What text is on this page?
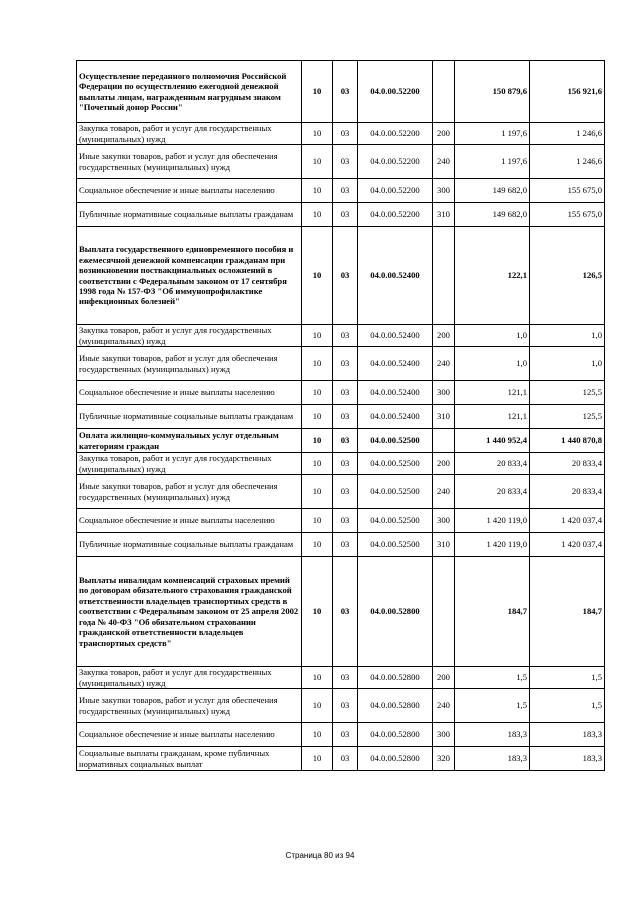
Осуществление переданного полномочия Российской Федерации по осуществлению ежегодной денежной выплаты лицам, награжденным нагрудным знаком "Почетный донор России"	10	03	04.0.00.52200		150 879,6	156 921,6
Закупка товаров, работ и услуг для государственных (муниципальных) нужд	10	03	04.0.00.52200	200	1 197,6	1 246,6
Иные закупки товаров, работ и услуг для обеспечения государственных (муниципальных) нужд	10	03	04.0.00.52200	240	1 197,6	1 246,6
Социальное обеспечение и иные выплаты населению	10	03	04.0.00.52200	300	149 682,0	155 675,0
Публичные нормативные социальные выплаты гражданам	10	03	04.0.00.52200	310	149 682,0	155 675,0
Выплата государственного единовременного пособия и ежемесячной денежной компенсации гражданам при возникновении поствакцинальных осложнений в соответствии с Федеральным законом от 17 сентября 1998 года № 157-ФЗ "Об иммунопрофилактике инфекционных болезней"	10	03	04.0.00.52400		122,1	126,5
Закупка товаров, работ и услуг для государственных (муниципальных) нужд	10	03	04.0.00.52400	200	1,0	1,0
Иные закупки товаров, работ и услуг для обеспечения государственных (муниципальных) нужд	10	03	04.0.00.52400	240	1,0	1,0
Социальное обеспечение и иные выплаты населению	10	03	04.0.00.52400	300	121,1	125,5
Публичные нормативные социальные выплаты гражданам	10	03	04.0.00.52400	310	121,1	125,5
Оплата жилищно-коммунальных услуг отдельным категориям граждан	10	03	04.0.00.52500		1 440 952,4	1 440 870,8
Закупка товаров, работ и услуг для государственных (муниципальных) нужд	10	03	04.0.00.52500	200	20 833,4	20 833,4
Иные закупки товаров, работ и услуг для обеспечения государственных (муниципальных) нужд	10	03	04.0.00.52500	240	20 833,4	20 833,4
Социальное обеспечение и иные выплаты населению	10	03	04.0.00.52500	300	1 420 119,0	1 420 037,4
Публичные нормативные социальные выплаты гражданам	10	03	04.0.00.52500	310	1 420 119,0	1 420 037,4
Выплаты инвалидам компенсаций страховых премий по договорам обязательного страхования гражданской ответственности владельцев транспортных средств в соответствии с Федеральным законом от 25 апреля 2002 года № 40-ФЗ "Об обязательном страховании гражданской ответственности владельцев транспортных средств"	10	03	04.0.00.52800		184,7	184,7
Закупка товаров, работ и услуг для государственных (муниципальных) нужд	10	03	04.0.00.52800	200	1,5	1,5
Иные закупки товаров, работ и услуг для обеспечения государственных (муниципальных) нужд	10	03	04.0.00.52800	240	1,5	1,5
Социальное обеспечение и иные выплаты населению	10	03	04.0.00.52800	300	183,3	183,3
Социальные выплаты гражданам, кроме публичных нормативных социальных выплат	10	03	04.0.00.52800	320	183,3	183,3
Страница 80 из 94
